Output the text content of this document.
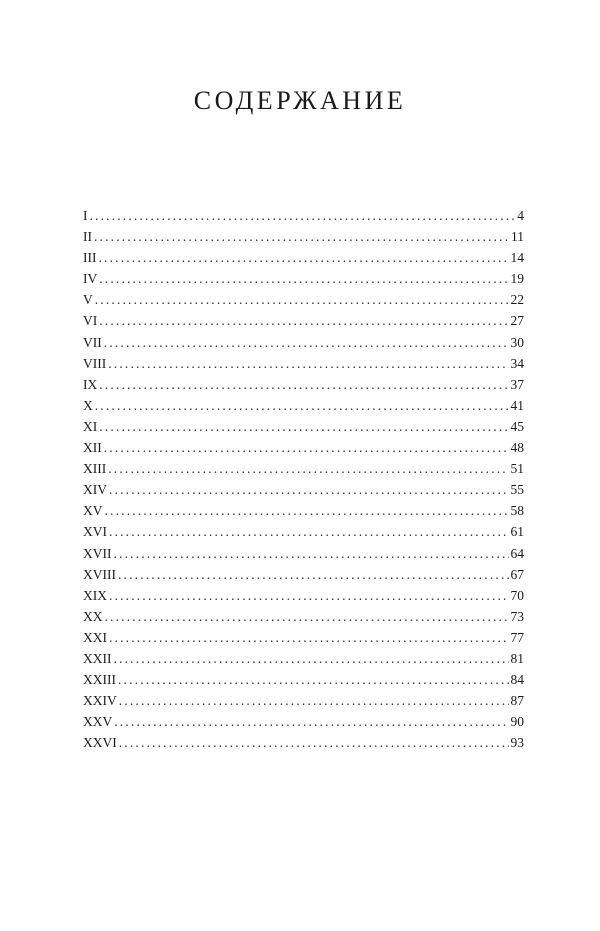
СОДЕРЖАНИЕ
I . . .	4
II . . .	11
III . . .	14
IV . . .	19
V . . .	22
VI . . .	27
VII . . .	30
VIII . . .	34
IX . . .	37
X . . .	41
XI . . .	45
XII . . .	48
XIII . . .	51
XIV . . .	55
XV . . .	58
XVI . . .	61
XVII . . .	64
XVIII . . .	67
XIX . . .	70
XX . . .	73
XXI . . .	77
XXII . . .	81
XXIII . . .	84
XXIV . . .	87
XXV . . .	90
XXVI . . .	93
